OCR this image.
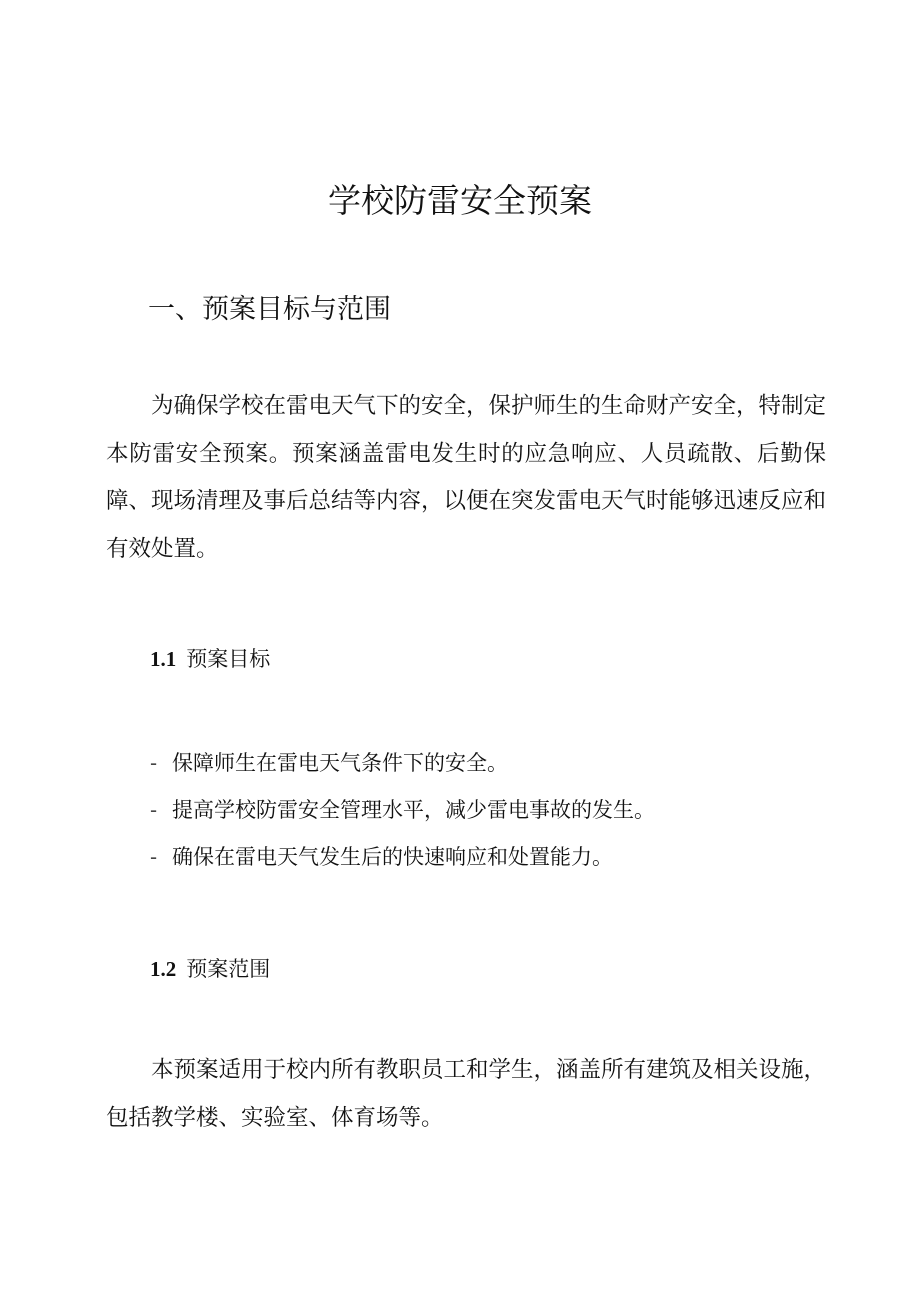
学校防雷安全预案
一、预案目标与范围

为确保学校在雷电天气下的安全，保护师生的生命财产安全，特制定本防雷安全预案。预案涵盖雷电发生时的应急响应、人员疏散、后勤保障、现场清理及事后总结等内容，以便在突发雷电天气时能够迅速反应和有效处置。

1.1 预案目标
- 保障师生在雷电天气条件下的安全。
- 提高学校防雷安全管理水平，减少雷电事故的发生。
- 确保在雷电天气发生后的快速响应和处置能力。
1.2 预案范围

本预案适用于校内所有教职员工和学生，涵盖所有建筑及相关设施，包括教学楼、实验室、体育场等。
